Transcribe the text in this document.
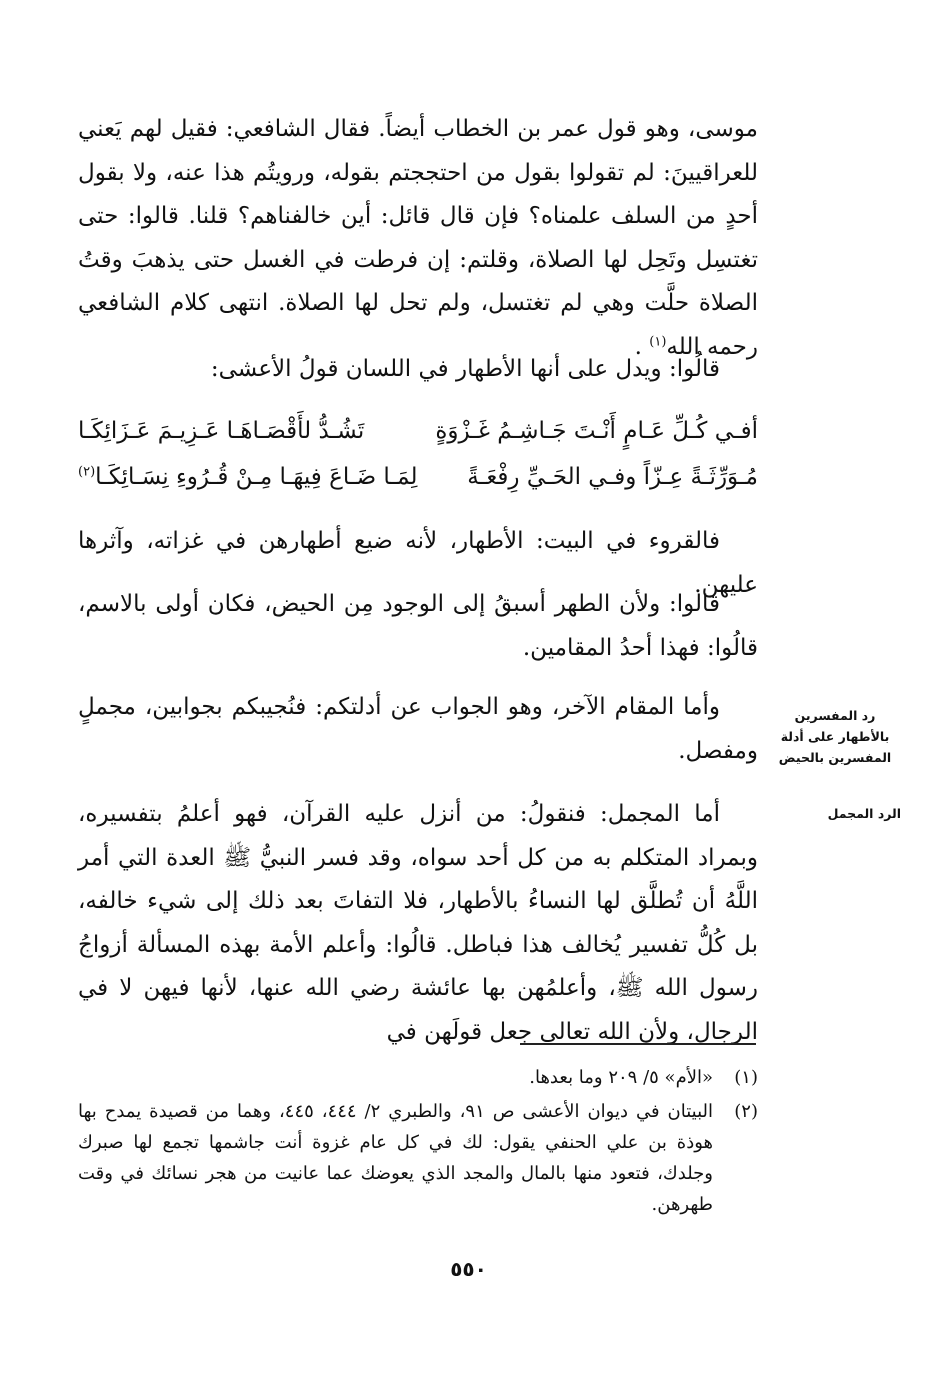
موسى، وهو قول عمر بن الخطاب أيضاً. فقال الشافعي: فقيل لهم يَعني للعراقيينَ: لم تقولوا بقول من احتججتم بقوله، ورويتُم هذا عنه، ولا بقول أحدٍ من السلف علمناه؟ فإن قال قائل: أين خالفناهم؟ قلنا. قالوا: حتى تغتسِل وتَحِل لها الصلاة، وقلتم: إن فرطت في الغسل حتى يذهبَ وقتُ الصلاة حلَّت وهي لم تغتسل، ولم تحل لها الصلاة. انتهى كلام الشافعي رحمه الله$^{(١)}$ .

قالُوا: ويدل على أنها الأطهار في اللسان قولُ الأعشى:

أفـي كُـلِّ عَـامٍ أَنْـتَ جَـاشِـمُ غَـزْوَةٍ
تَشُـدُّ لأَقْصَـاهَـا عَـزِيـمَ عَـزَائِكَـا
مُـوَرِّثَـةً عِـزّاً وفـي الحَـيِّ رِفْعَـةً
لِمَـا ضَـاعَ فِيهَـا مِـنْ قُـرُوءِ نِسَـائِكَـا$^{(٢)}$

فالقروء في البيت: الأطهار، لأنه ضيع أطهارهن في غزاته، وآثرها عليهن.

قالوا: ولأن الطهر أسبقُ إلى الوجود مِن الحيض، فكان أولى بالاسم، قالُوا: فهذا أحدُ المقامين.

وأما المقام الآخر، وهو الجواب عن أدلتكم: فنُجيبكم بجوابين، مجملٍ ومفصل.

أما المجمل: فنقولُ: من أنزل عليه القرآن، فهو أعلمُ بتفسيره، وبمراد المتكلم به من كل أحد سواه، وقد فسر النبيُّ ﷺ العدة التي أمر اللَّهُ أن تُطلَّق لها النساءُ بالأطهار، فلا التفاتَ بعد ذلك إلى شيء خالفه، بل كُلُّ تفسير يُخالف هذا فباطل. قالُوا: وأعلم الأمة بهذه المسألة أزواجُ رسول الله ﷺ، وأعلمُهن بها عائشة رضي الله عنها، لأنها فيهن لا في الرجال، ولأن الله تعالى جعل قولَهن في

رد المفسرين بالأطهار على أدلة المفسرين بالحيض
الرد المجمل
(١)
«الأم» ٥/ ٢٠٩ وما بعدها.
(٢)
البيتان في ديوان الأعشى ص ٩١، والطبري ٢/ ٤٤٤، ٤٤٥، وهما من قصيدة يمدح بها هوذة بن علي الحنفي يقول: لك في كل عام غزوة أنت جاشمها تجمع لها صبرك وجلدك، فتعود منها بالمال والمجد الذي يعوضك عما عانيت من هجر نسائك في وقت طهرهن.
٥٥٠
